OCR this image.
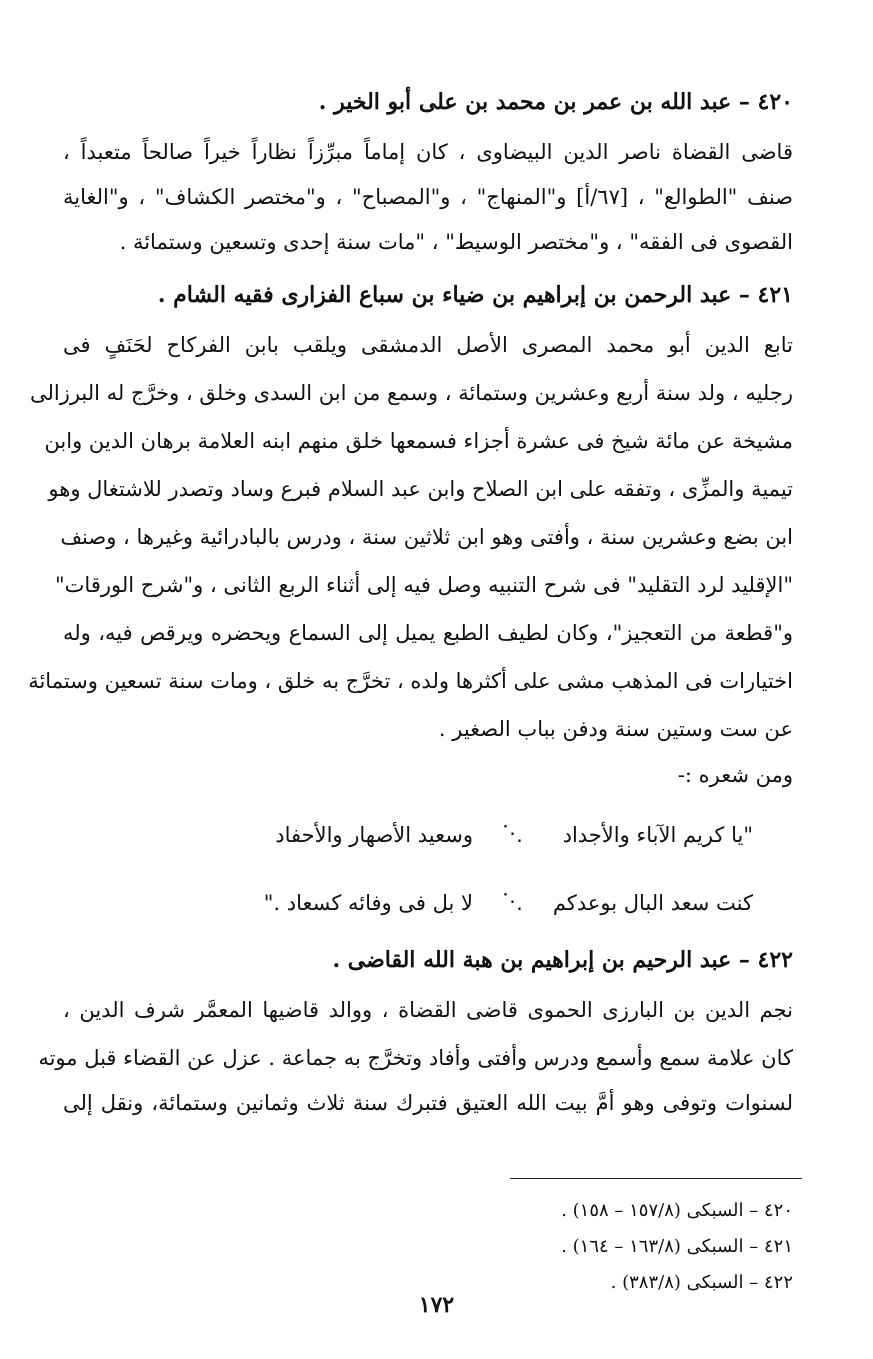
٤٢٠ – عبد الله بن عمر بن محمد بن على أبو الخير .
قاضى القضاة ناصر الدين البيضاوى ، كان إماماً مبرِّزاً نظاراً خيراً صالحاً متعبداً ،
صنف "الطوالع" ، [٦٧/أ] و"المنهاج" ، و"المصباح" ، و"مختصر الكشاف" ، و"الغاية
القصوى فى الفقه" ، و"مختصر الوسيط" ، "مات سنة إحدى وتسعين وستمائة .
٤٢١ – عبد الرحمن بن إبراهيم بن ضياء بن سباع الفزارى فقيه الشام .
تابع الدين أبو محمد المصرى الأصل الدمشقى ويلقب بابن الفركاح لحَنَفٍ فى
رجليه ، ولد سنة أربع وعشرين وستمائة ، وسمع من ابن السدى وخلق ، وخرَّج له البرزالى
مشيخة عن مائة شيخ فى عشرة أجزاء فسمعها خلق منهم ابنه العلامة برهان الدين وابن
تيمية والمزِّى ، وتفقه على ابن الصلاح وابن عبد السلام فبرع وساد وتصدر للاشتغال وهو
ابن بضع وعشرين سنة ، وأفتى وهو ابن ثلاثين سنة ، ودرس بالبادرائية وغيرها ، وصنف
"الإقليد لرد التقليد" فى شرح التنبيه وصل فيه إلى أثناء الربع الثانى ، و"شرح الورقات"
و"قطعة من التعجيز"، وكان لطيف الطبع يميل إلى السماع ويحضره ويرقص فيه، وله
اختيارات فى المذهب مشى على أكثرها ولده ، تخرَّج به خلق ، ومات سنة تسعين وستمائة
عن ست وستين سنة ودفن بباب الصغير .
ومن شعره :-
"يا كريم الآباء والأجداد
⋰
وسعيد الأصهار والأحفاد
كنت سعد البال بوعدكم
⋰
لا بل فى وفائه كسعاد ."
٤٢٢ – عبد الرحيم بن إبراهيم بن هبة الله القاضى .
نجم الدين بن البارزى الحموى قاضى القضاة ، ووالد قاضيها المعمَّر شرف الدين ،
كان علامة سمع وأسمع ودرس وأفتى وأفاد وتخرَّج به جماعة . عزل عن القضاء قبل موته
لسنوات وتوفى وهو أمَّ بيت الله العتيق فتبرك سنة ثلاث وثمانين وستمائة، ونقل إلى
٤٢٠ – السبكى (١٥٧/٨ – ١٥٨) .
٤٢١ – السبكى (١٦٣/٨ – ١٦٤) .
٤٢٢ – السبكى (٣٨٣/٨) .
١٧٢
